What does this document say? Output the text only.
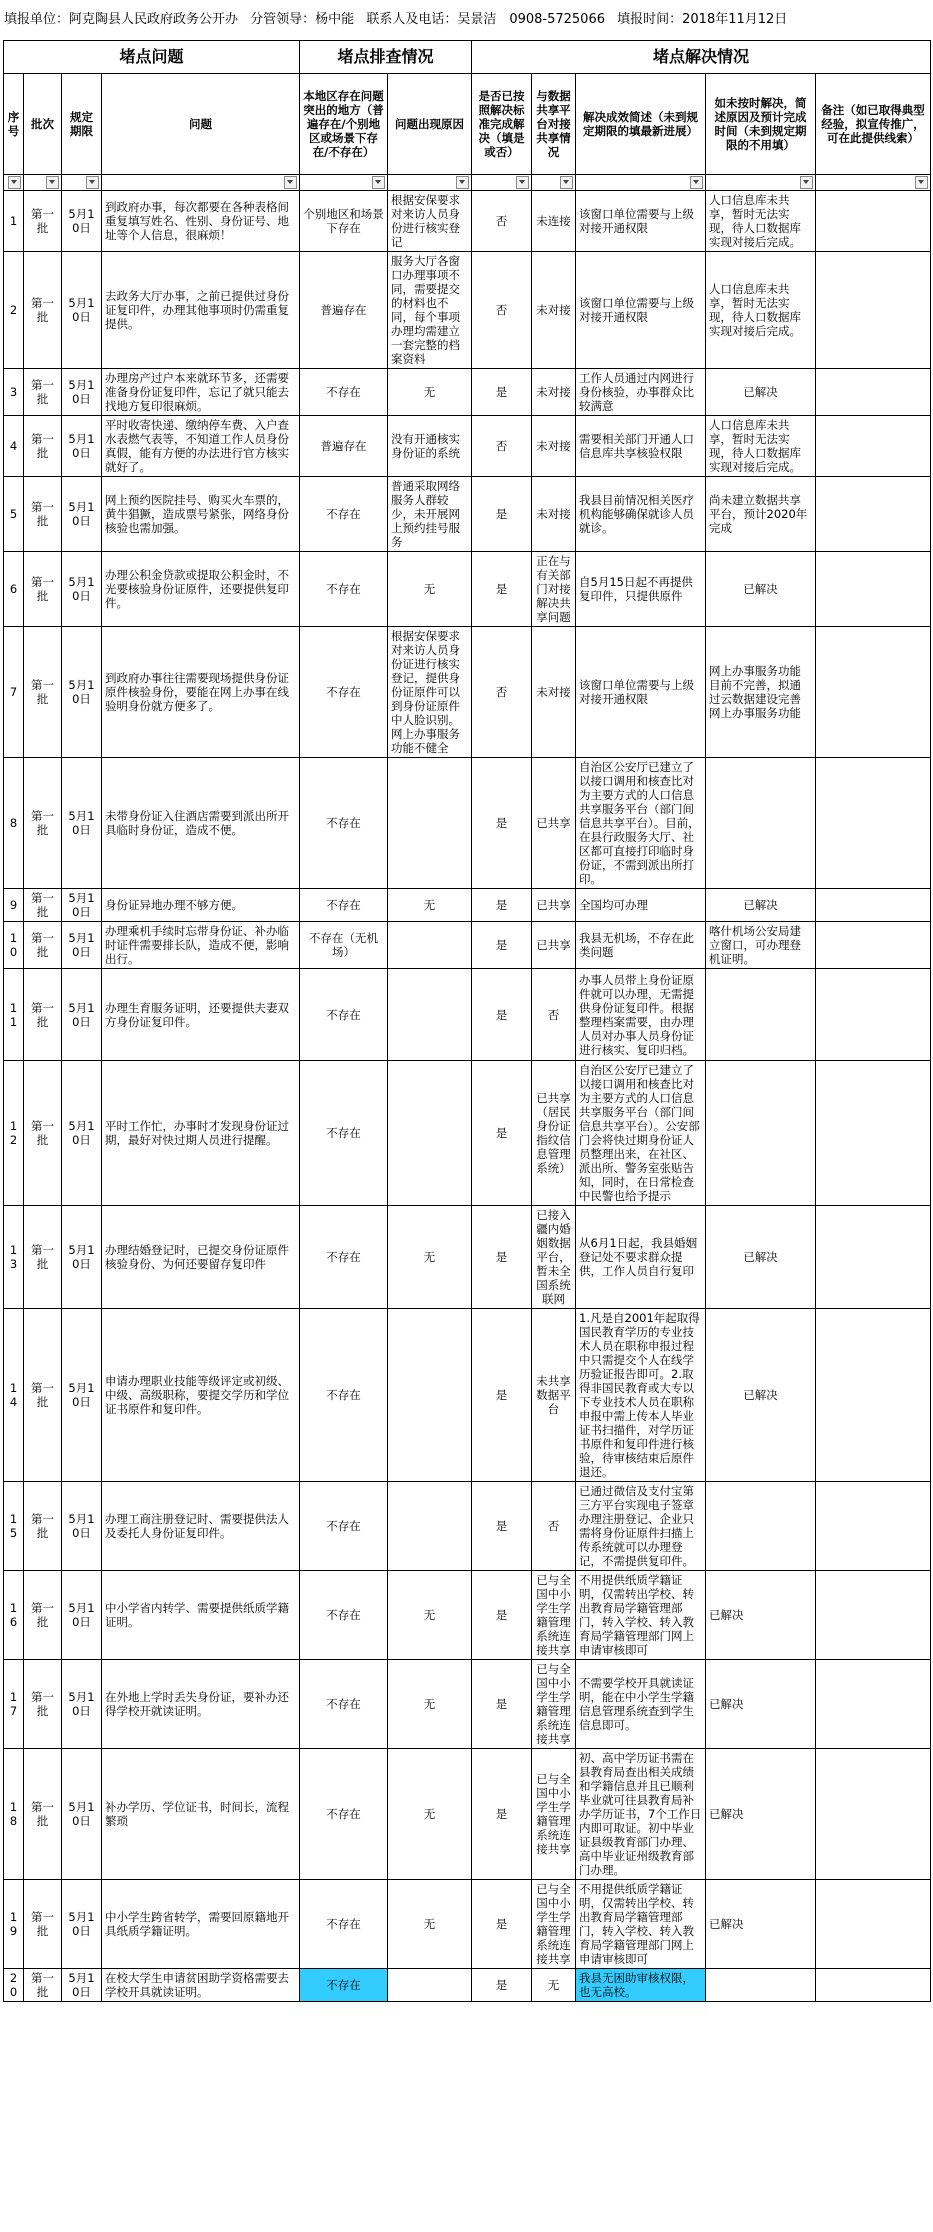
填报单位：阿克陶县人民政府政务公开办 分管领导：杨中能 联系人及电话：吴景洁　0908-5725066 填报时间：2018年11月12日
堵点问题				堵点排查情况		堵点解决情况				
序号	批次	规定期限	问题	本地区存在问题突出的地方（普遍存在/个别地区或场景下存在/不存在）	问题出现原因	是否已按照解决标准完成解决（填是或否）	与数据共享平台对接共享情况	解决成效简述（未到规定期限的填最新进展）	如未按时解决，简述原因及预计完成时间（未到规定期限的不用填）	备注（如已取得典型经验，拟宣传推广，可在此提供线索）

1	第一批	5月10日	到政府办事，每次都要在各种表格间重复填写姓名、性别、身份证号、地址等个人信息，很麻烦！	个别地区和场景下存在	根据安保要求对来访人员身份进行核实登记	否	未连接	该窗口单位需要与上级对接开通权限	人口信息库未共享，暂时无法实现，待人口数据库实现对接后完成。	
2	第一批	5月10日	去政务大厅办事，之前已提供过身份证复印件，办理其他事项时仍需重复提供。	普遍存在	服务大厅各窗口办理事项不同，需要提交的材料也不同，每个事项办理均需建立一套完整的档案资料	否	未对接	该窗口单位需要与上级对接开通权限	人口信息库未共享，暂时无法实现，待人口数据库实现对接后完成。	
3	第一批	5月10日	办理房产过户本来就环节多，还需要准备身份证复印件，忘记了就只能去找地方复印很麻烦。	不存在	无	是	未对接	工作人员通过内网进行身份核验，办事群众比较满意	已解决	
4	第一批	5月10日	平时收寄快递、缴纳停车费、入户查水表燃气表等，不知道工作人员身份真假，能有方便的办法进行官方核实就好了。	普遍存在	没有开通核实身份证的系统	否	未对接	需要相关部门开通人口信息库共享核验权限	人口信息库未共享，暂时无法实现，待人口数据库实现对接后完成。	
5	第一批	5月10日	网上预约医院挂号、购买火车票的，黄牛猖獗，造成票号紧张，网络身份核验也需加强。	不存在	普通采取网络服务人群较少，未开展网上预约挂号服务	是	未对接	我县目前情况相关医疗机构能够确保就诊人员就诊。	尚未建立数据共享平台，预计2020年完成	
6	第一批	5月10日	办理公积金贷款或提取公积金时，不光要核验身份证原件，还要提供复印件。	不存在	无	是	正在与有关部门对接解决共享问题	自5月15日起不再提供复印件，只提供原件	已解决	
7	第一批	5月10日	到政府办事往往需要现场提供身份证原件核验身份，要能在网上办事在线验明身份就方便多了。	不存在	根据安保要求对来访人员身份证进行核实登记，提供身份证原件可以到身份证原件中人脸识别。网上办事服务功能不健全	否	未对接	该窗口单位需要与上级对接开通权限	网上办事服务功能目前不完善，拟通过云数据建设完善网上办事服务功能	
8	第一批	5月10日	未带身份证入住酒店需要到派出所开具临时身份证，造成不便。	不存在		是	已共享	自治区公安厅已建立了以接口调用和核查比对为主要方式的人口信息共享服务平台（部门间信息共享平台）。目前，在县行政服务大厅、社区都可直接打印临时身份证，不需到派出所打印。		
9	第一批	5月10日	身份证异地办理不够方便。	不存在	无	是	已共享	全国均可办理	已解决	
10	第一批	5月10日	办理乘机手续时忘带身份证、补办临时证件需要排长队，造成不便，影响出行。	不存在（无机场）		是	已共享	我县无机场，不存在此类问题	喀什机场公安局建立窗口，可办理登机证明。	
11	第一批	5月10日	办理生育服务证明，还要提供夫妻双方身份证复印件。	不存在		是	否	办事人员带上身份证原件就可以办理，无需提供身份证复印件。根据整理档案需要，由办理人员对办事人员身份证进行核实、复印归档。		
12	第一批	5月10日	平时工作忙，办事时才发现身份证过期，最好对快过期人员进行提醒。	不存在		是	已共享（居民身份证指纹信息管理系统）	自治区公安厅已建立了以接口调用和核查比对为主要方式的人口信息共享服务平台（部门间信息共享平台）。公安部门会将快过期身份证人员整理出来，在社区、派出所、警务室张贴告知，同时，在日常检查中民警也给予提示		
13	第一批	5月10日	办理结婚登记时，已提交身份证原件核验身份、为何还要留存复印件	不存在	无	是	已接入疆内婚姻数据平台，暂未全国系统联网	从6月1日起，我县婚姻登记处不要求群众提供，工作人员自行复印	已解决	
14	第一批	5月10日	申请办理职业技能等级评定或初级、中级、高级职称，要提交学历和学位证书原件和复印件。	不存在		是	未共享数据平台	1.凡是自2001年起取得国民教育学历的专业技术人员在职称申报过程中只需提交个人在线学历验证报告即可。2.取得非国民教育或大专以下专业技术人员在职称申报中需上传本人毕业证书扫描件，对学历证书原件和复印件进行核验，待审核结束后原件退还。	已解决	
15	第一批	5月10日	办理工商注册登记时、需要提供法人及委托人身份证复印件。	不存在		是	否	已通过微信及支付宝第三方平台实现电子签章办理注册登记、企业只需将身份证原件扫描上传系统就可以办理登记，不需提供复印件。		
16	第一批	5月10日	中小学省内转学、需要提供纸质学籍证明。	不存在	无	是	已与全国中小学生学籍管理系统连接共享	不用提供纸质学籍证明，仅需转出学校、转出教育局学籍管理部门，转入学校、转入教育局学籍管理部门网上申请审核即可	已解决	
17	第一批	5月10日	在外地上学时丢失身份证，要补办还得学校开就读证明。	不存在	无	是	已与全国中小学生学籍管理系统连接共享	不需要学校开具就读证明，能在中小学生学籍信息管理系统查到学生信息即可。	已解决	
18	第一批	5月10日	补办学历、学位证书，时间长，流程繁琐	不存在	无	是	已与全国中小学生学籍管理系统连接共享	初、高中学历证书需在县教育局查出相关成绩和学籍信息并且已顺利毕业就可往县教育局补办学历证书，7个工作日内即可取证。初中毕业证县级教育部门办理、高中毕业证州级教育部门办理。	已解决	
19	第一批	5月10日	中小学生跨省转学，需要回原籍地开具纸质学籍证明。	不存在	无	是	已与全国中小学生学籍管理系统连接共享	不用提供纸质学籍证明，仅需转出学校、转出教育局学籍管理部门，转入学校、转入教育局学籍管理部门网上申请审核即可	已解决	
20	第一批	5月10日	在校大学生申请贫困助学资格需要去学校开具就读证明。	不存在		是	无	我县无困助审核权限，也无高校。		
